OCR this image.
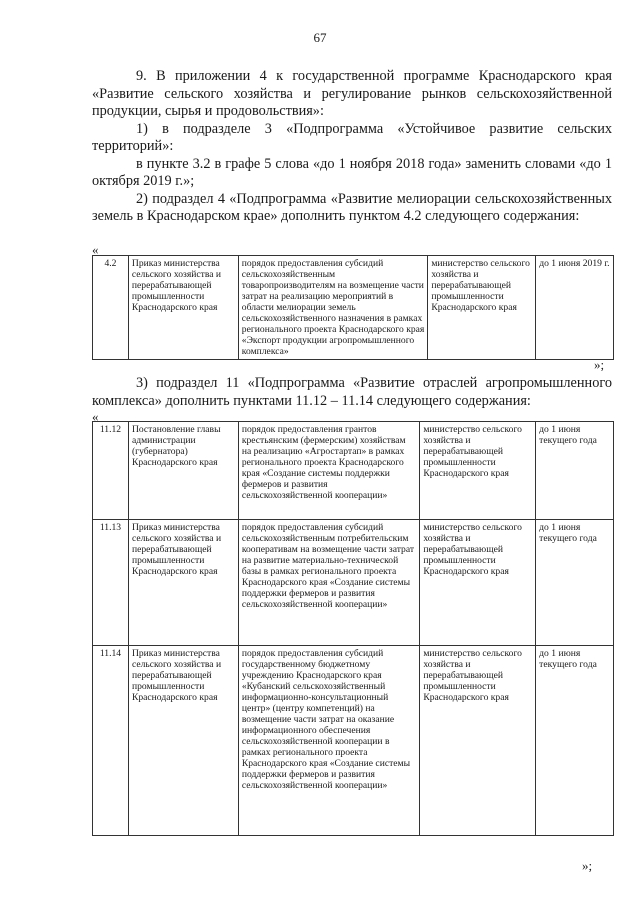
67

9. В приложении 4 к государственной программе Краснодарского края «Развитие сельского хозяйства и регулирование рынков сельскохозяйственной продукции, сырья и продовольствия»:

1) в подразделе 3 «Подпрограмма «Устойчивое развитие сельских территорий»:

в пункте 3.2 в графе 5 слова «до 1 ноября 2018 года» заменить словами «до 1 октября 2019 г.»;

2) подраздел 4 «Подпрограмма «Развитие мелиорации сельскохозяйственных земель в Краснодарском крае» дополнить пунктом 4.2 следующего содержания:

«
4.2	Приказ министерства сельского хозяйства и перерабатывающей промышленности Краснодарского края	порядок предоставления субсидий сельскохозяйственным товаропроизводителям на возмещение части затрат на реализацию мероприятий в области мелиорации земель сельскохозяйственного назначения в рамках регионального проекта Краснодарского края «Экспорт продукции агропромышленного комплекса»	министерство сельского хозяйства и перерабатывающей промышленности Краснодарского края	до 1 июня 2019 г.
»;

3) подраздел 11 «Подпрограмма «Развитие отраслей агропромышленного комплекса» дополнить пунктами 11.12 – 11.14 следующего содержания:

«
11.12	Постановление главы администрации (губернатора) Краснодарского края	порядок предоставления грантов крестьянским (фермерским) хозяйствам на реализацию «Агростартап» в рамках регионального проекта Краснодарского края «Создание системы поддержки фермеров и развития сельскохозяйственной кооперации»	министерство сельского хозяйства и перерабатывающей промышленности Краснодарского края	до 1 июня текущего года
11.13	Приказ министерства сельского хозяйства и перерабатывающей промышленности Краснодарского края	порядок предоставления субсидий сельскохозяйственным потребительским кооперативам на возмещение части затрат на развитие материально-технической базы в рамках регионального проекта Краснодарского края «Создание системы поддержки фермеров и развития сельскохозяйственной кооперации»	министерство сельского хозяйства и перерабатывающей промышленности Краснодарского края	до 1 июня текущего года
11.14	Приказ министерства сельского хозяйства и перерабатывающей промышленности Краснодарского края	порядок предоставления субсидий государственному бюджетному учреждению Краснодарского края «Кубанский сельскохозяйственный информационно-консультационный центр» (центру компетенций) на возмещение части затрат на оказание информационного обеспечения сельскохозяйственной кооперации в рамках регионального проекта Краснодарского края «Создание системы поддержки фермеров и развития сельскохозяйственной кооперации»	министерство сельского хозяйства и перерабатывающей промышленности Краснодарского края	до 1 июня текущего года
»;
